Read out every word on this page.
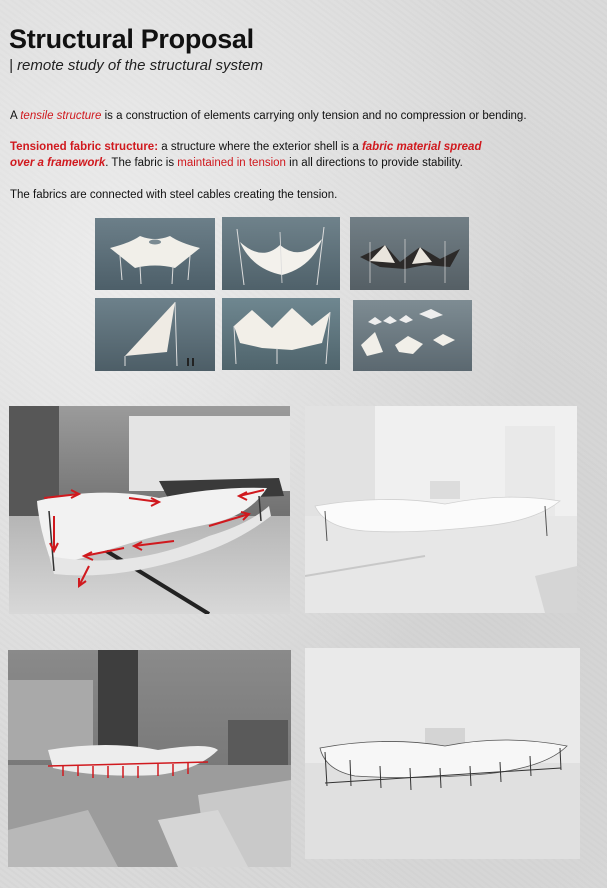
Structural Proposal
| remote study of the structural system
A tensile structure is a construction of elements carrying only tension and no compression or bending.
Tensioned fabric structure: a structure where the exterior shell is a fabric material spread
over a framework. The fabric is maintained in tension in all directions to provide stability.
The fabrics are connected with steel cables creating the tension.
